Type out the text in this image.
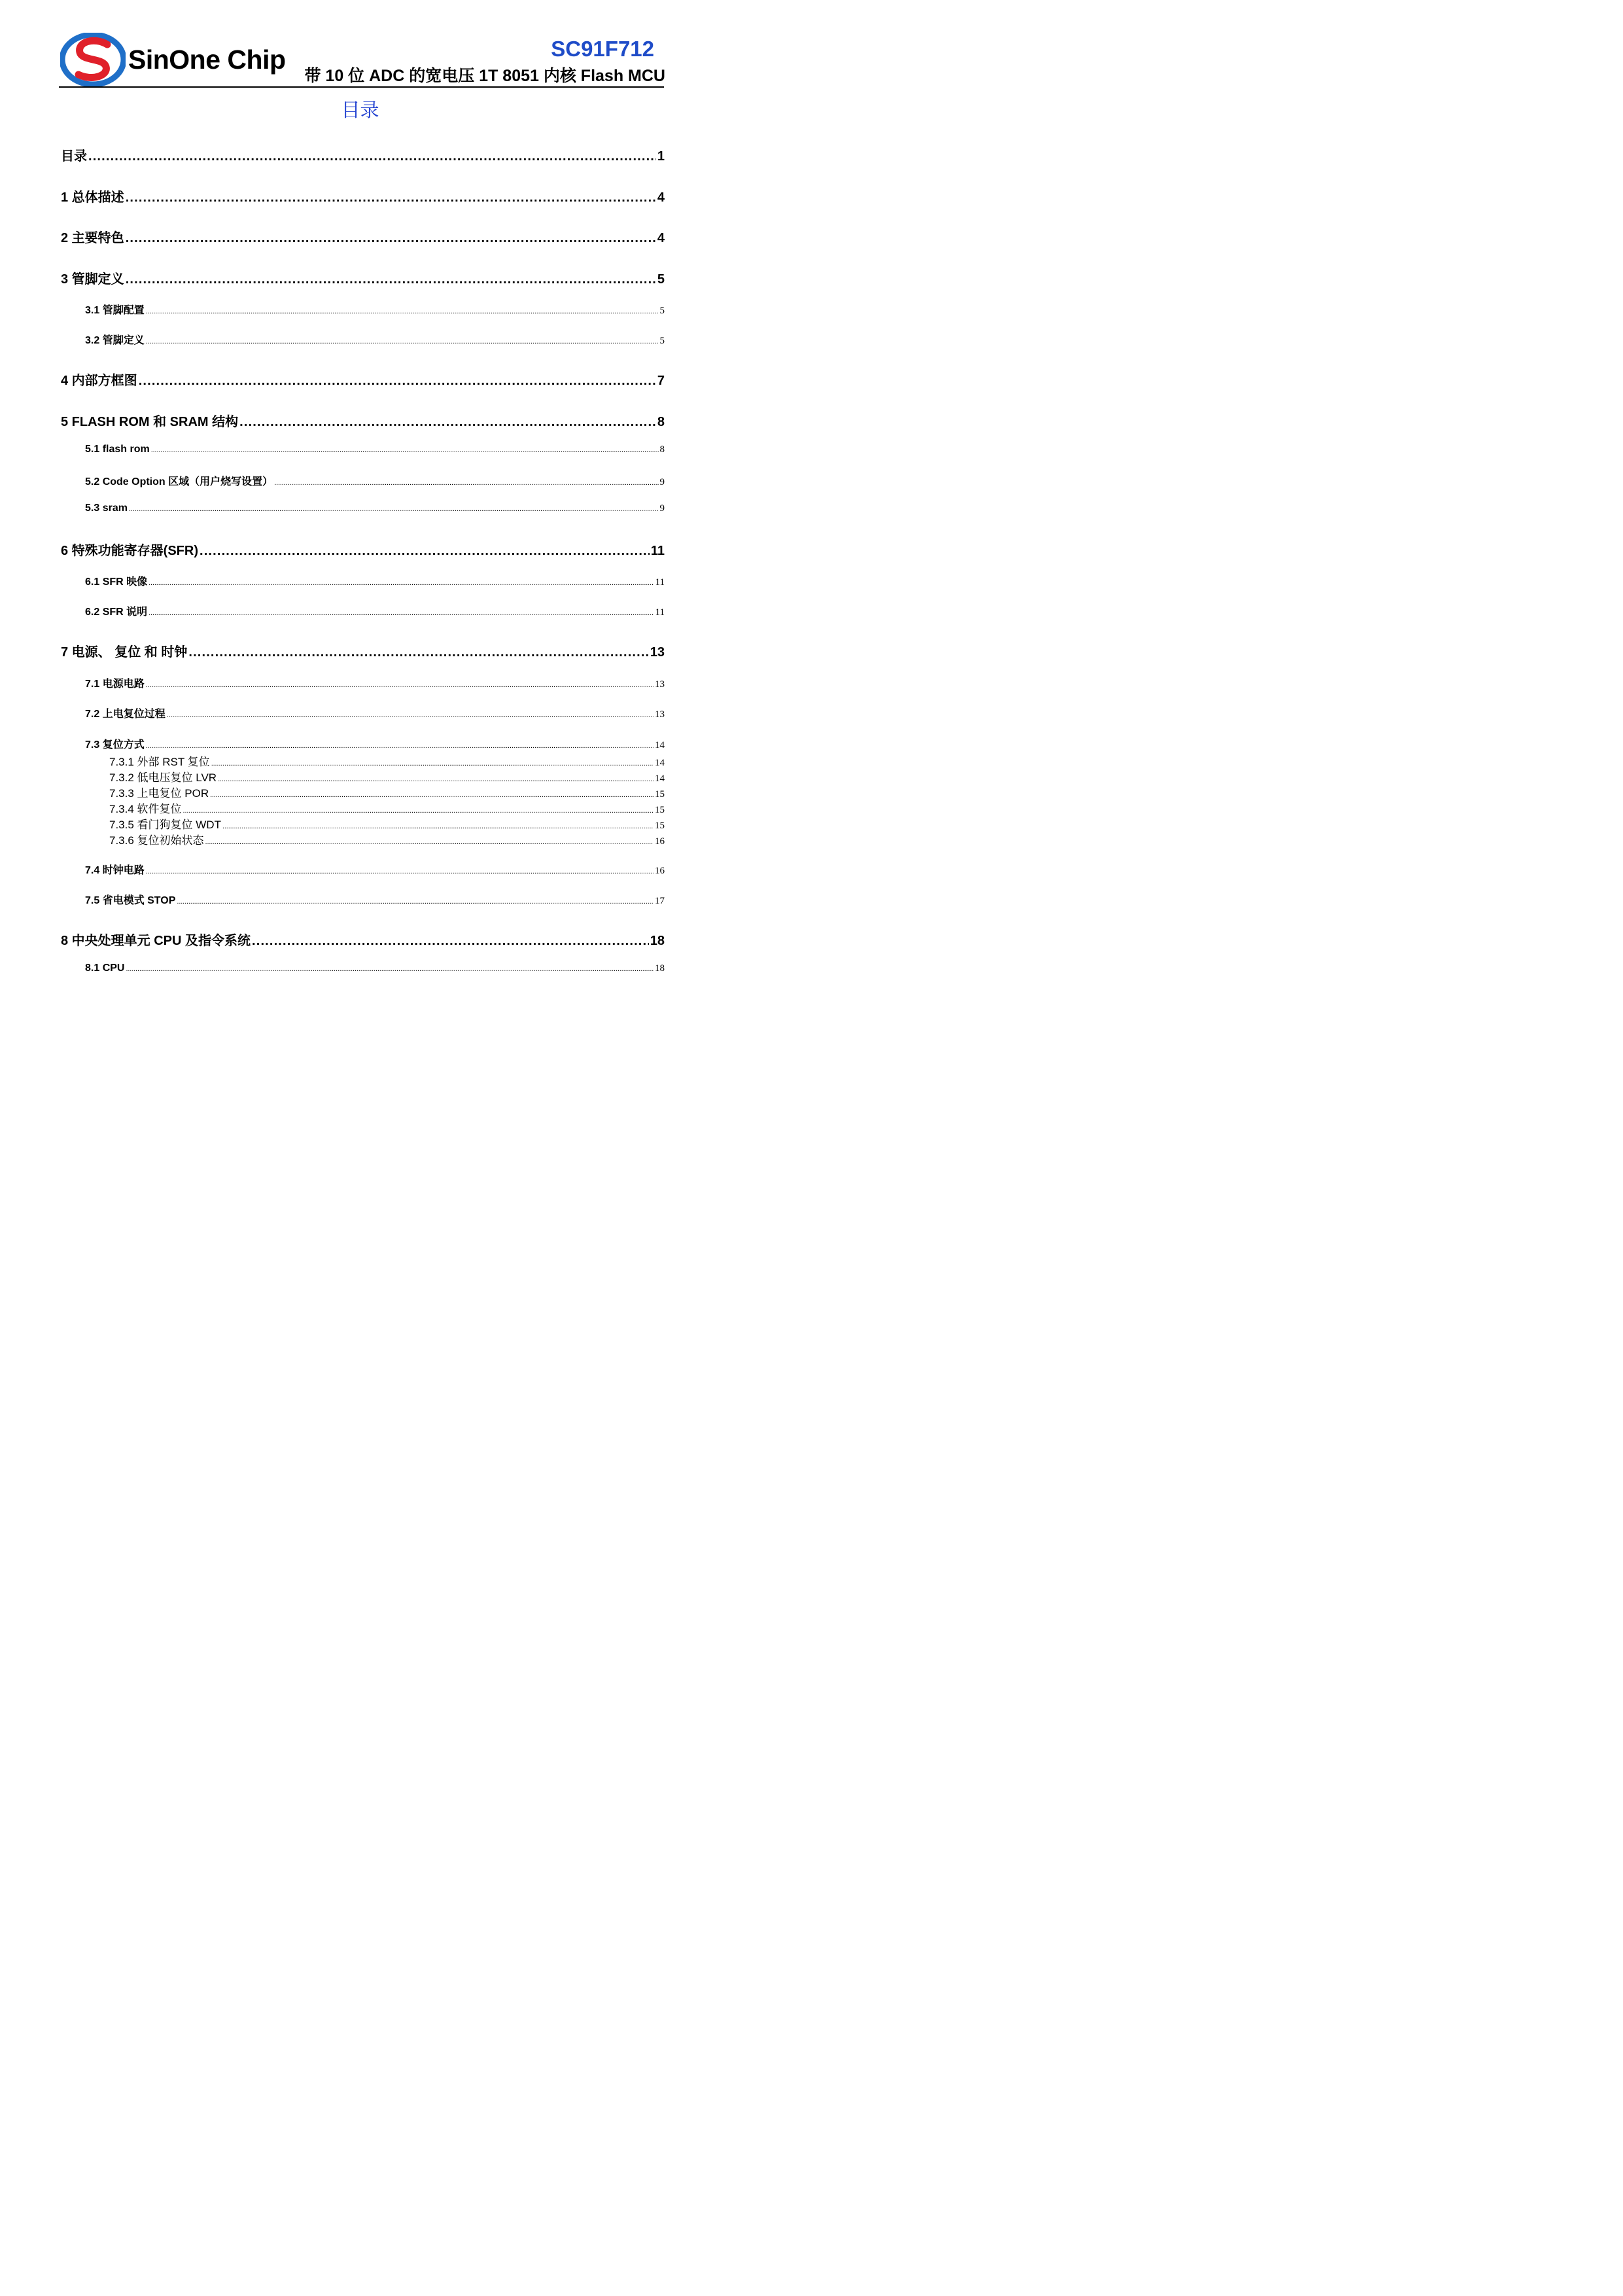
SinOne Chip	SC91F712
带 10 位 ADC 的宽电压 1T 8051 内核 Flash MCU
目录
目录 . . .	1
1 总体描述 . . .	4
2 主要特色 . . .	4
3 管脚定义 . . .	5
3.1 管脚配置 . . .	5
3.2 管脚定义 . . .	5
4 内部方框图 . . .	7
5 FLASH ROM 和 SRAM 结构 . . .	8
5.1 flash rom . . .	8
5.2 Code Option 区域（用户烧写设置） . . .	9
5.3 sram . . .	9
6 特殊功能寄存器(SFR) . . .	11
6.1 SFR 映像 . . .	11
6.2 SFR 说明 . . .	11
7 电源、 复位 和 时钟 . . .	13
7.1 电源电路 . . .	13
7.2 上电复位过程 . . .	13
7.3 复位方式 . . .	14
7.3.1 外部 RST 复位 . . .	14
7.3.2 低电压复位 LVR . . .	14
7.3.3 上电复位 POR . . .	15
7.3.4 软件复位 . . .	15
7.3.5 看门狗复位 WDT . . .	15
7.3.6 复位初始状态 . . .	16
7.4 时钟电路 . . .	16
7.5 省电模式 STOP . . .	17
8 中央处理单元 CPU 及指令系统 . . .	18
8.1 CPU . . .	18
